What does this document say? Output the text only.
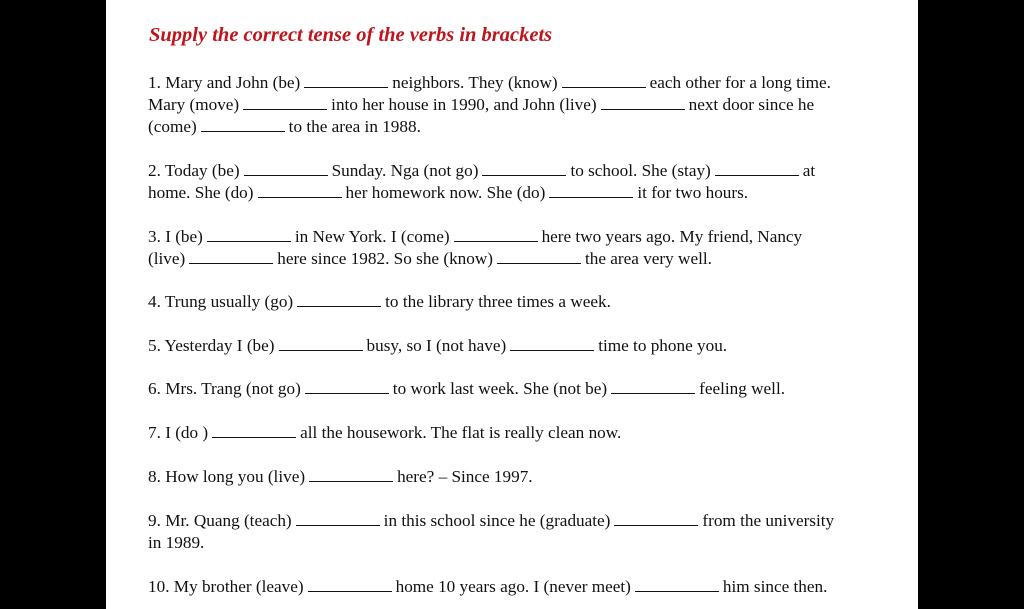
Supply the correct tense of the verbs in brackets
1. Mary and John (be)	neighbors. They (know)	each other for a long time.
Mary (move)	into her house in 1990, and John (live)	next door since he
(come)	to the area in 1988.
2. Today (be)	Sunday. Nga (not go)	to school. She (stay)	at
home. She (do)	her homework now. She (do)	it for two hours.
3. I (be)	in New York. I (come)	here two years ago. My friend, Nancy
(live)	here since 1982. So she (know)	the area very well.
4. Trung usually (go)	to the library three times a week.
5. Yesterday I (be)	busy, so I (not have)	time to phone you.
6. Mrs. Trang (not go)	to work last week. She (not be)	feeling well.
7. I (do )	all the housework. The flat is really clean now.
8. How long you (live)	here? – Since 1997.
9. Mr. Quang (teach)	in this school since he (graduate)	from the university
in 1989.
10. My brother (leave)	home 10 years ago. I (never meet)	him since then.
